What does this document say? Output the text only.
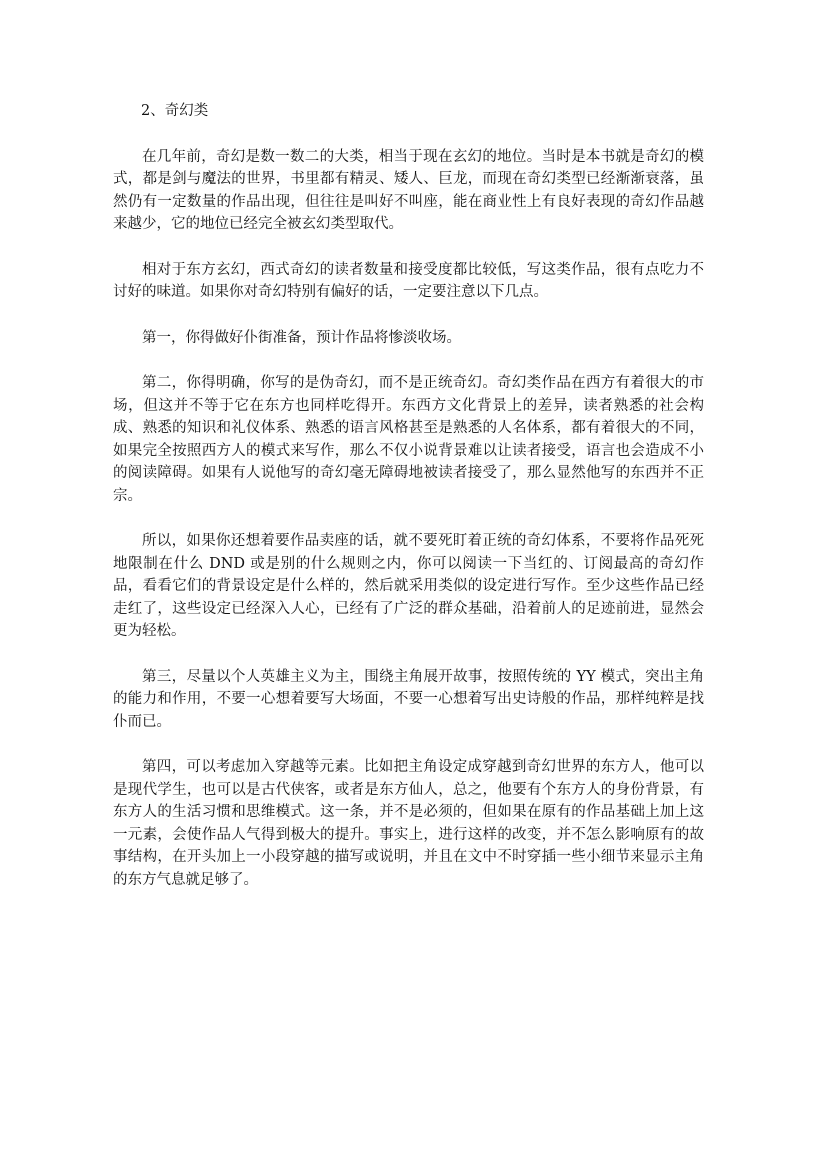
2、奇幻类

在几年前，奇幻是数一数二的大类，相当于现在玄幻的地位。当时是本书就是奇幻的模式，都是剑与魔法的世界，书里都有精灵、矮人、巨龙，而现在奇幻类型已经渐渐衰落，虽然仍有一定数量的作品出现，但往往是叫好不叫座，能在商业性上有良好表现的奇幻作品越来越少，它的地位已经完全被玄幻类型取代。

相对于东方玄幻，西式奇幻的读者数量和接受度都比较低，写这类作品，很有点吃力不讨好的味道。如果你对奇幻特别有偏好的话，一定要注意以下几点。

第一，你得做好仆街准备，预计作品将惨淡收场。

第二，你得明确，你写的是伪奇幻，而不是正统奇幻。奇幻类作品在西方有着很大的市场，但这并不等于它在东方也同样吃得开。东西方文化背景上的差异，读者熟悉的社会构成、熟悉的知识和礼仪体系、熟悉的语言风格甚至是熟悉的人名体系，都有着很大的不同，如果完全按照西方人的模式来写作，那么不仅小说背景难以让读者接受，语言也会造成不小的阅读障碍。如果有人说他写的奇幻毫无障碍地被读者接受了，那么显然他写的东西并不正宗。

所以，如果你还想着要作品卖座的话，就不要死盯着正统的奇幻体系，不要将作品死死地限制在什么 DND 或是别的什么规则之内，你可以阅读一下当红的、订阅最高的奇幻作品，看看它们的背景设定是什么样的，然后就采用类似的设定进行写作。至少这些作品已经走红了，这些设定已经深入人心，已经有了广泛的群众基础，沿着前人的足迹前进，显然会更为轻松。

第三，尽量以个人英雄主义为主，围绕主角展开故事，按照传统的 YY 模式，突出主角的能力和作用，不要一心想着要写大场面，不要一心想着写出史诗般的作品，那样纯粹是找仆而已。

第四，可以考虑加入穿越等元素。比如把主角设定成穿越到奇幻世界的东方人，他可以是现代学生，也可以是古代侠客，或者是东方仙人，总之，他要有个东方人的身份背景，有东方人的生活习惯和思维模式。这一条，并不是必须的，但如果在原有的作品基础上加上这一元素，会使作品人气得到极大的提升。事实上，进行这样的改变，并不怎么影响原有的故事结构，在开头加上一小段穿越的描写或说明，并且在文中不时穿插一些小细节来显示主角的东方气息就足够了。
